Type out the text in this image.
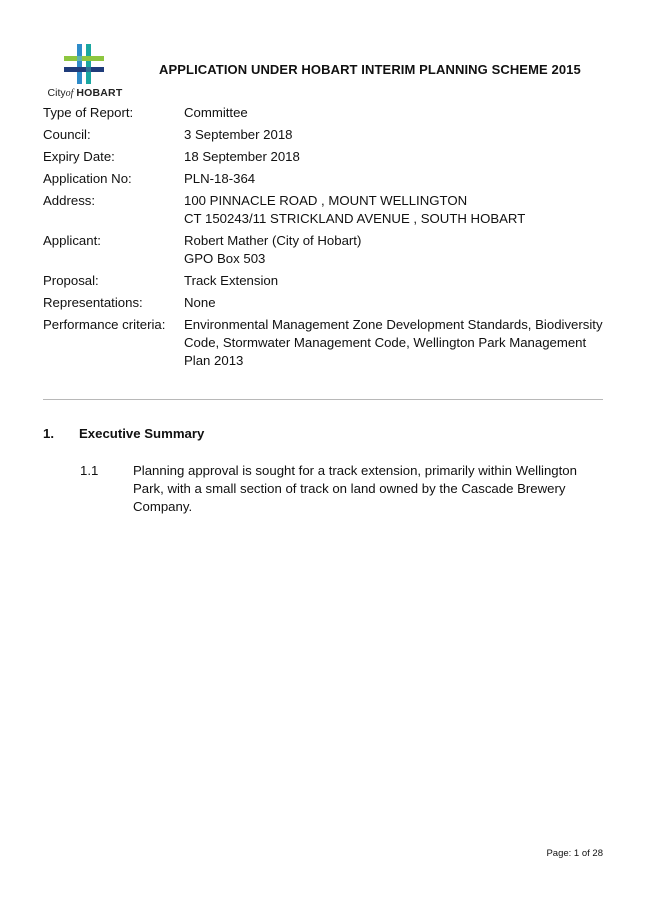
Cityof HOBART
APPLICATION UNDER HOBART INTERIM PLANNING SCHEME 2015
Type of Report:	Committee
Council:	3 September 2018
Expiry Date:	18 September 2018
Application No:	PLN-18-364
Address:	100 PINNACLE ROAD , MOUNT WELLINGTON
CT 150243/11 STRICKLAND AVENUE , SOUTH HOBART
Applicant:	Robert Mather (City of Hobart)
GPO Box 503
Proposal:	Track Extension
Representations:	None
Performance criteria:	Environmental Management Zone Development Standards, Biodiversity Code, Stormwater Management Code, Wellington Park Management Plan 2013
1. Executive Summary
1.1	Planning approval is sought for a track extension, primarily within Wellington Park, with a small section of track on land owned by the Cascade Brewery Company.
Page: 1 of 28
